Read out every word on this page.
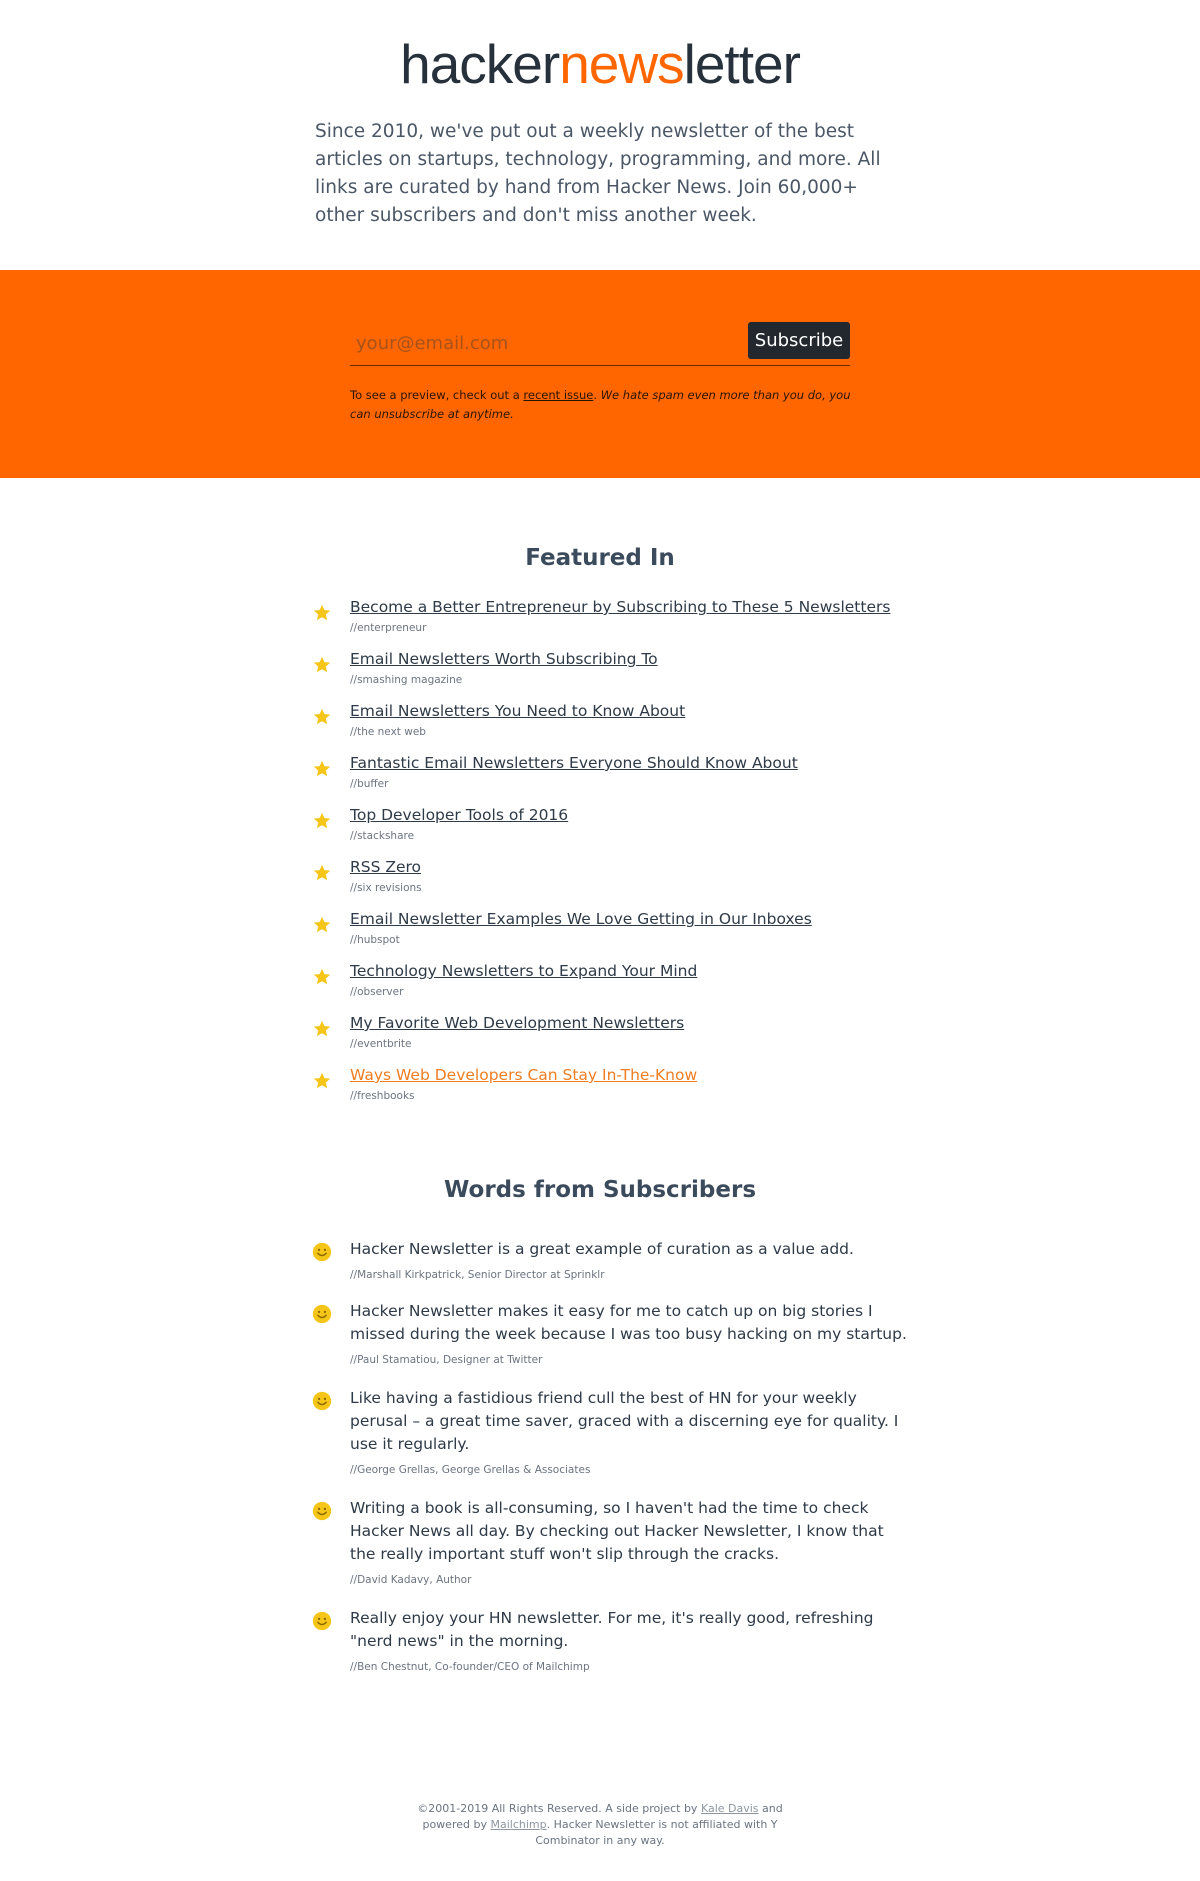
hackernewsletter

Since 2010, we've put out a weekly newsletter of the best articles on startups, technology, programming, and more. All links are curated by hand from Hacker News. Join 60,000+ other subscribers and don't miss another week.

your@email.com
Subscribe
To see a preview, check out a recent issue. We hate spam even more than you do, you can unsubscribe at anytime.
Featured In
Become a Better Entrepreneur by Subscribing to These 5 Newsletters
//enterpreneur
Email Newsletters Worth Subscribing To
//smashing magazine
Email Newsletters You Need to Know About
//the next web
Fantastic Email Newsletters Everyone Should Know About
//buffer
Top Developer Tools of 2016
//stackshare
RSS Zero
//six revisions
Email Newsletter Examples We Love Getting in Our Inboxes
//hubspot
Technology Newsletters to Expand Your Mind
//observer
My Favorite Web Development Newsletters
//eventbrite
Ways Web Developers Can Stay In-The-Know
//freshbooks
Words from Subscribers

Hacker Newsletter is a great example of curation as a value add.

//Marshall Kirkpatrick, Senior Director at Sprinklr

Hacker Newsletter makes it easy for me to catch up on big stories I missed during the week because I was too busy hacking on my startup.

//Paul Stamatiou, Designer at Twitter

Like having a fastidious friend cull the best of HN for your weekly perusal – a great time saver, graced with a discerning eye for quality. I use it regularly.

//George Grellas, George Grellas & Associates

Writing a book is all-consuming, so I haven't had the time to check Hacker News all day. By checking out Hacker Newsletter, I know that the really important stuff won't slip through the cracks.

//David Kadavy, Author

Really enjoy your HN newsletter. For me, it's really good, refreshing "nerd news" in the morning.

//Ben Chestnut, Co-founder/CEO of Mailchimp

©2001-2019 All Rights Reserved. A side project by Kale Davis and powered by Mailchimp. Hacker Newsletter is not affiliated with Y Combinator in any way.
